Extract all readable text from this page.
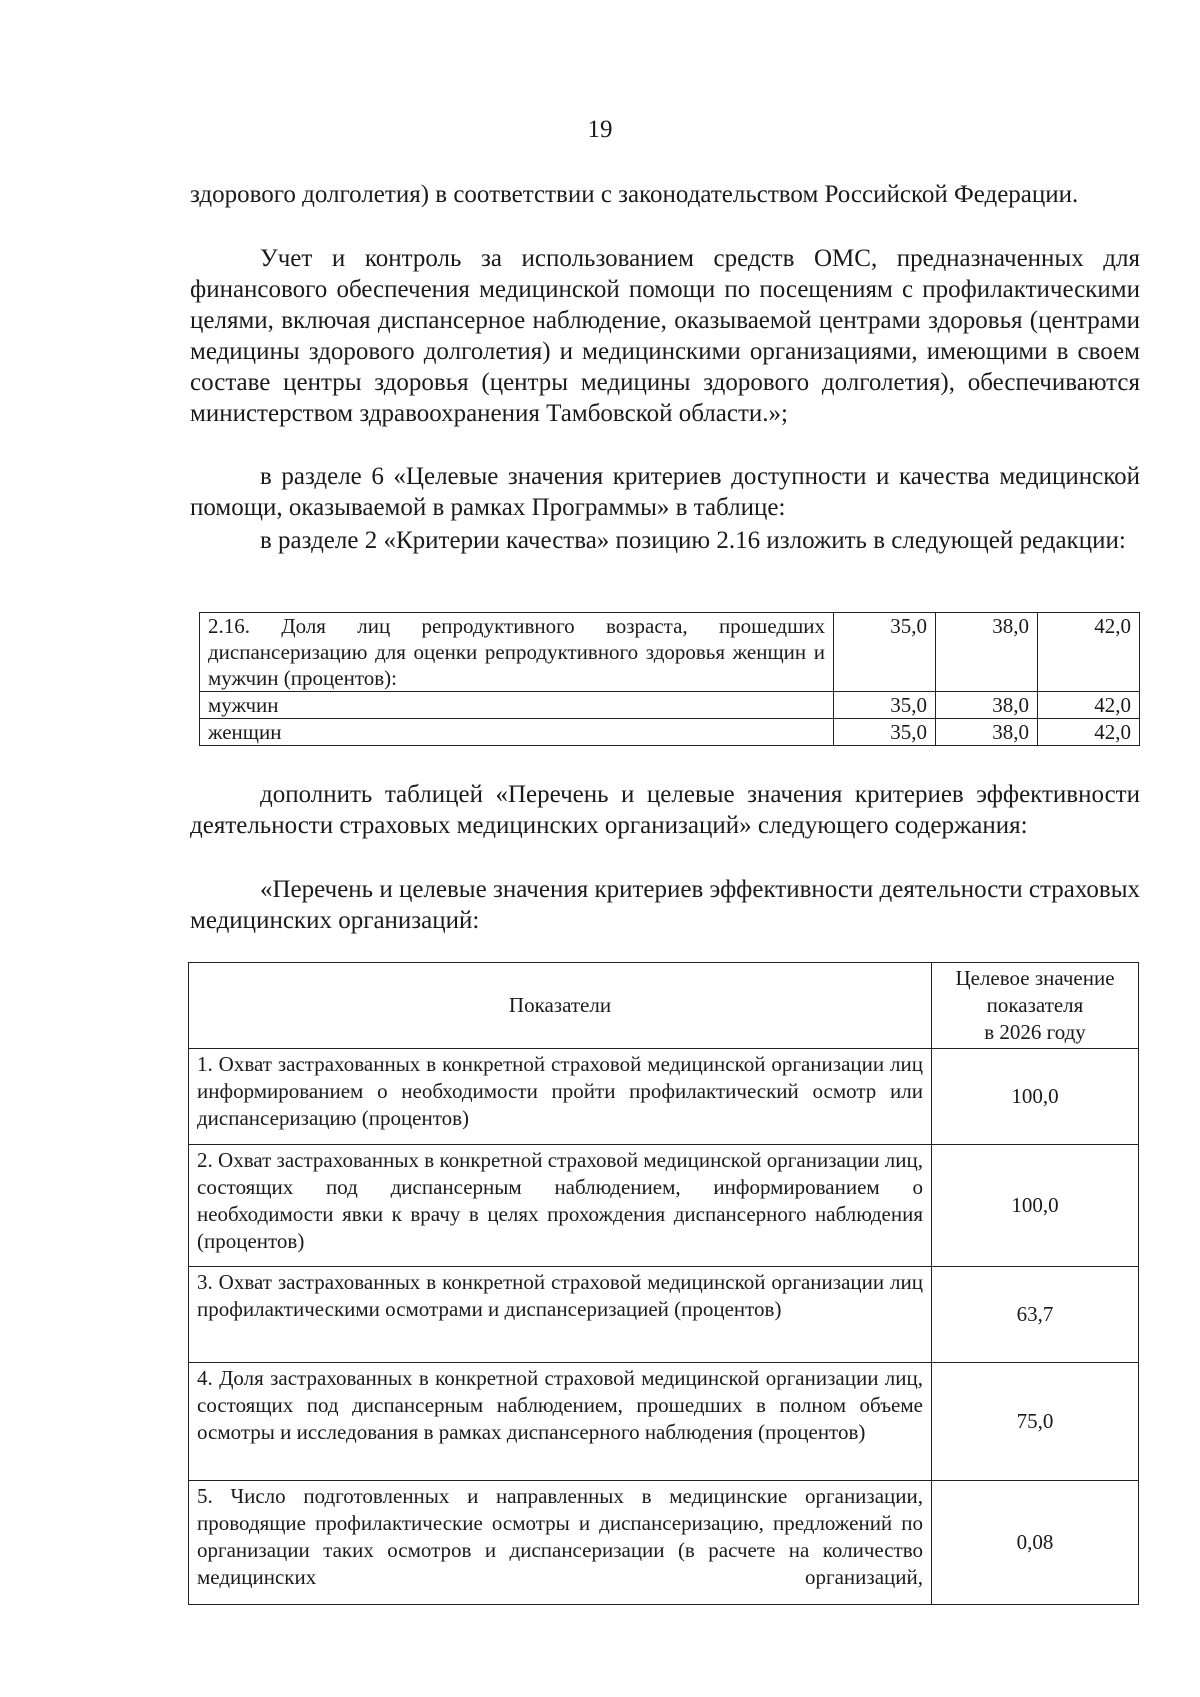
19

здорового долголетия) в соответствии с законодательством Российской Федерации.

Учет и контроль за использованием средств ОМС, предназначенных для финансового обеспечения медицинской помощи по посещениям с профилактическими целями, включая диспансерное наблюдение, оказываемой центрами здоровья (центрами медицины здорового долголетия) и медицинскими организациями, имеющими в своем составе центры здоровья (центры медицины здорового долголетия), обеспечиваются министерством здравоохранения Тамбовской области.»;

в разделе 6 «Целевые значения критериев доступности и качества медицинской помощи, оказываемой в рамках Программы» в таблице:

в разделе 2 «Критерии качества» позицию 2.16 изложить в следующей редакции:

2.16. Доля лиц репродуктивного возраста, прошедших диспансеризацию для оценки репродуктивного здоровья женщин и мужчин (процентов):	35,0	38,0	42,0
мужчин	35,0	38,0	42,0
женщин	35,0	38,0	42,0

дополнить таблицей «Перечень и целевые значения критериев эффективности деятельности страховых медицинских организаций» следующего содержания:

«Перечень и целевые значения критериев эффективности деятельности страховых медицинских организаций:

Показатели	Целевое значение
показателя
в 2026 году
1. Охват застрахованных в конкретной страховой медицинской организации лиц информированием о необходимости пройти профилактический осмотр или диспансеризацию (процентов)	100,0
2. Охват застрахованных в конкретной страховой медицинской организации лиц, состоящих под диспансерным наблюдением, информированием о необходимости явки к врачу в целях прохождения диспансерного наблюдения (процентов)	100,0
3. Охват застрахованных в конкретной страховой медицинской организации лиц профилактическими осмотрами и диспансеризацией (процентов)	63,7
4. Доля застрахованных в конкретной страховой медицинской организации лиц, состоящих под диспансерным наблюдением, прошедших в полном объеме осмотры и исследования в рамках диспансерного наблюдения (процентов)	75,0
5. Число подготовленных и направленных в медицинские организации, проводящие профилактические осмотры и диспансеризацию, предложений по организации таких осмотров и диспансеризации (в расчете на количество медицинских организаций,	0,08
